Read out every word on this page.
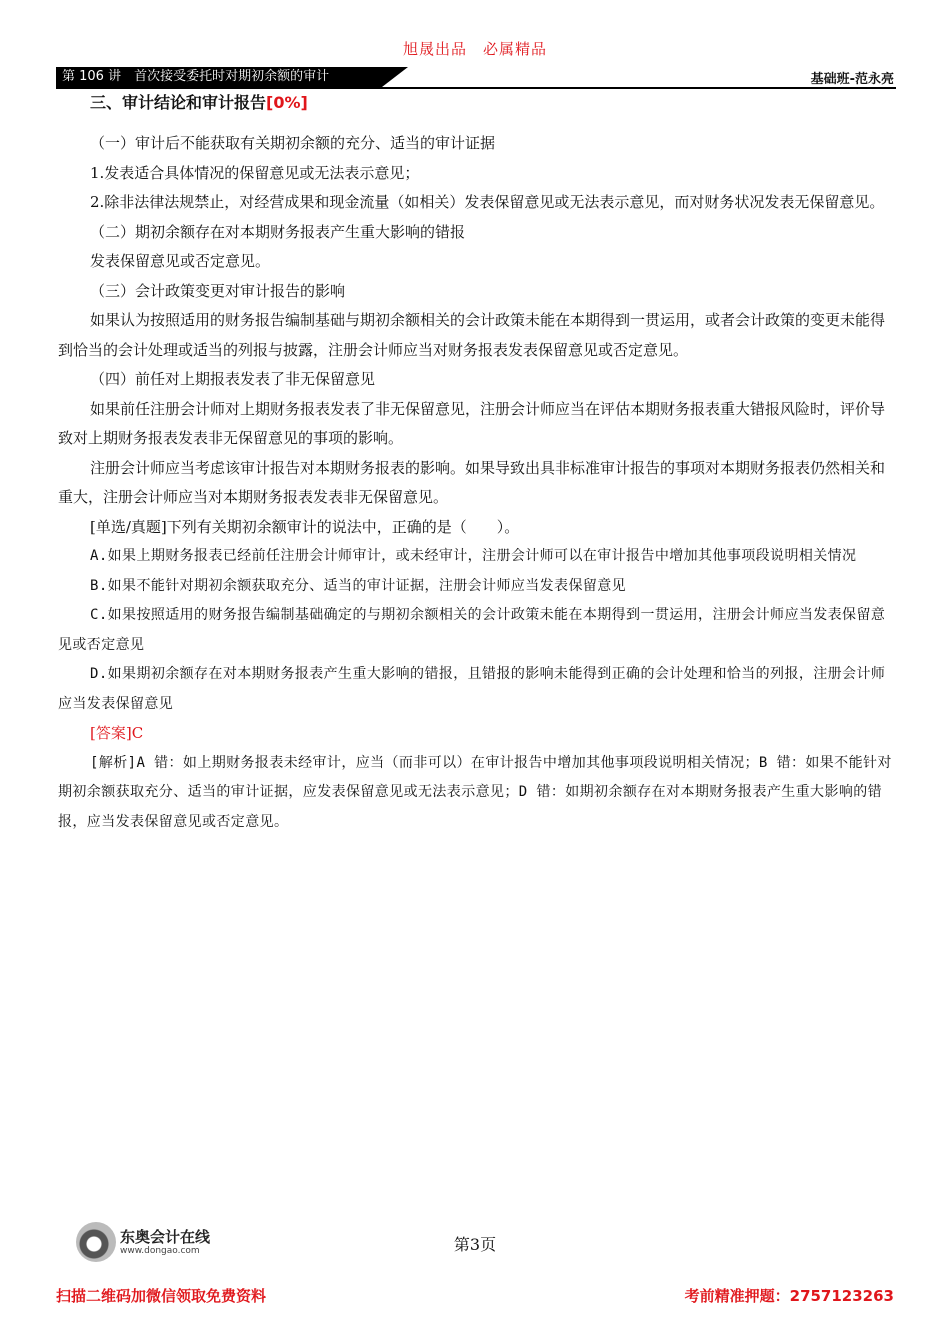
旭晟出品　必属精品
第 106 讲　首次接受委托时对期初余额的审计	基础班-范永亮
三、审计结论和审计报告[0%]

（一）审计后不能获取有关期初余额的充分、适当的审计证据

1.发表适合具体情况的保留意见或无法表示意见；

2.除非法律法规禁止，对经营成果和现金流量（如相关）发表保留意见或无法表示意见，而对财务状况发表无保留意见。

（二）期初余额存在对本期财务报表产生重大影响的错报

发表保留意见或否定意见。

（三）会计政策变更对审计报告的影响

如果认为按照适用的财务报告编制基础与期初余额相关的会计政策未能在本期得到一贯运用，或者会计政策的变更未能得到恰当的会计处理或适当的列报与披露，注册会计师应当对财务报表发表保留意见或否定意见。

（四）前任对上期报表发表了非无保留意见

如果前任注册会计师对上期财务报表发表了非无保留意见，注册会计师应当在评估本期财务报表重大错报风险时，评价导致对上期财务报表发表非无保留意见的事项的影响。

注册会计师应当考虑该审计报告对本期财务报表的影响。如果导致出具非标准审计报告的事项对本期财务报表仍然相关和重大，注册会计师应当对本期财务报表发表非无保留意见。

[单选/真题]下列有关期初余额审计的说法中，正确的是（　　）。

A.如果上期财务报表已经前任注册会计师审计，或未经审计，注册会计师可以在审计报告中增加其他事项段说明相关情况

B.如果不能针对期初余额获取充分、适当的审计证据，注册会计师应当发表保留意见

C.如果按照适用的财务报告编制基础确定的与期初余额相关的会计政策未能在本期得到一贯运用，注册会计师应当发表保留意见或否定意见

D.如果期初余额存在对本期财务报表产生重大影响的错报，且错报的影响未能得到正确的会计处理和恰当的列报，注册会计师应当发表保留意见

[答案]C

[解析]A 错：如上期财务报表未经审计，应当（而非可以）在审计报告中增加其他事项段说明相关情况；B 错：如果不能针对期初余额获取充分、适当的审计证据，应发表保留意见或无法表示意见；D 错：如期初余额存在对本期财务报表产生重大影响的错报，应当发表保留意见或否定意见。

东奥会计在线
www.dongao.com	第3页
扫描二维码加微信领取免费资料	考前精准押题：2757123263
